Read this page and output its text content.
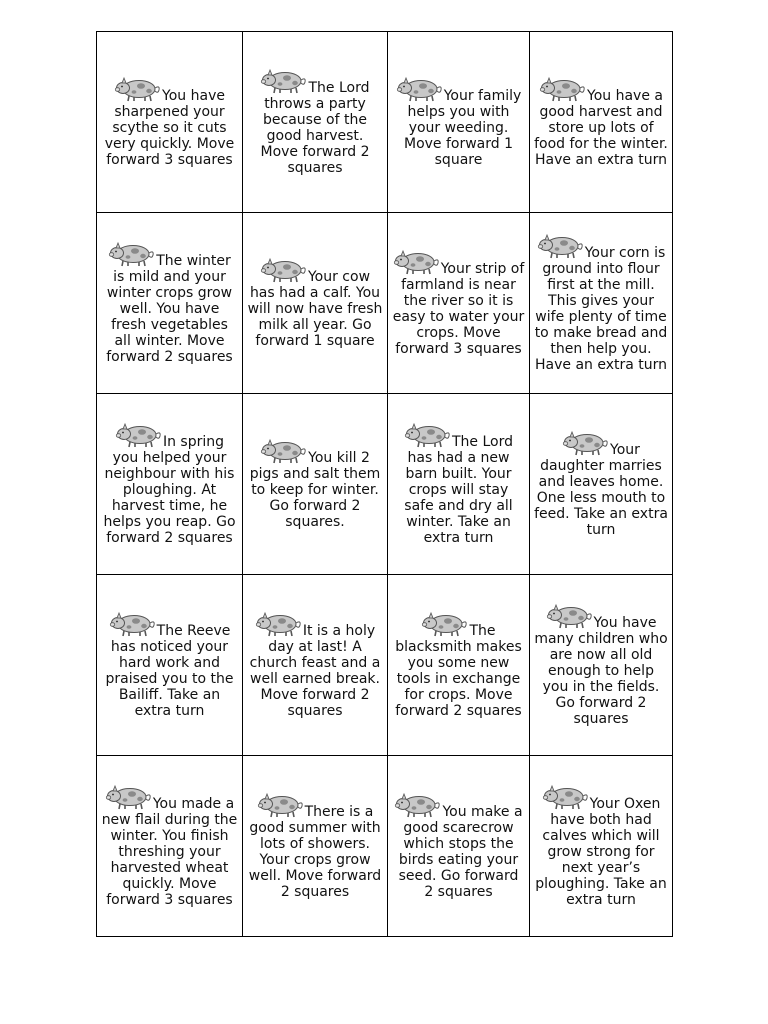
You have sharpened your scythe so it cuts very quickly. Move forward 3 squares	The Lord throws a party because of the good harvest. Move forward 2 squares	Your family helps you with your weeding. Move forward 1 square	You have a good harvest and store up lots of food for the winter. Have an extra turn

The winter is mild and your winter crops grow well. You have fresh vegetables all winter. Move forward 2 squares	Your cow has had a calf. You will now have fresh milk all year. Go forward 1 square	Your strip of farmland is near the river so it is easy to water your crops. Move forward 3 squares	Your corn is ground into flour first at the mill. This gives your wife plenty of time to make bread and then help you. Have an extra turn

In spring you helped your neighbour with his ploughing. At harvest time, he helps you reap. Go forward 2 squares	You kill 2 pigs and salt them to keep for winter. Go forward 2 squares.	The Lord has had a new barn built. Your crops will stay safe and dry all winter. Take an extra turn	Your daughter marries and leaves home. One less mouth to feed. Take an extra turn

The Reeve has noticed your hard work and praised you to the Bailiff. Take an extra turn	It is a holy day at last! A church feast and a well earned break. Move forward 2 squares	The blacksmith makes you some new tools in exchange for crops. Move forward 2 squares	You have many children who are now all old enough to help you in the fields. Go forward 2 squares

You made a new flail during the winter. You finish threshing your harvested wheat quickly. Move forward 3 squares	There is a good summer with lots of showers. Your crops grow well. Move forward 2 squares	You make a good scarecrow which stops the birds eating your seed. Go forward 2 squares	Your Oxen have both had calves which will grow strong for next year’s ploughing. Take an extra turn
